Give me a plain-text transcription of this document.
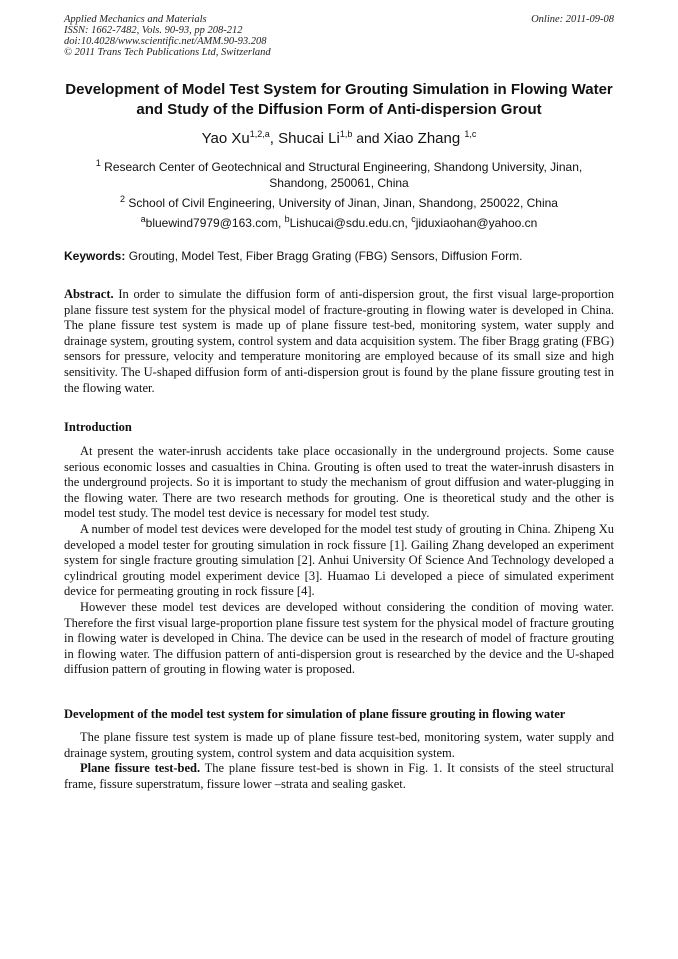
Applied Mechanics and Materials
ISSN: 1662-7482, Vols. 90-93, pp 208-212
doi:10.4028/www.scientific.net/AMM.90-93.208
© 2011 Trans Tech Publications Ltd, Switzerland
Online: 2011-09-08
Development of Model Test System for Grouting Simulation in Flowing Water and Study of the Diffusion Form of Anti-dispersion Grout
Yao Xu$^{1,2,a}$, Shucai Li$^{1,b}$ and Xiao Zhang $^{1,c}$
$^1$ Research Center of Geotechnical and Structural Engineering, Shandong University, Jinan, Shandong, 250061, China
$^2$ School of Civil Engineering, University of Jinan, Jinan, Shandong, 250022, China
$^a$bluewind7979@163.com, $^b$Lishucai@sdu.edu.cn, $^c$jiduxiaohan@yahoo.cn
Keywords: Grouting, Model Test, Fiber Bragg Grating (FBG) Sensors, Diffusion Form.

Abstract. In order to simulate the diffusion form of anti-dispersion grout, the first visual large-proportion plane fissure test system for the physical model of fracture-grouting in flowing water is developed in China. The plane fissure test system is made up of plane fissure test-bed, monitoring system, water supply and drainage system, grouting system, control system and data acquisition system. The fiber Bragg grating (FBG) sensors for pressure, velocity and temperature monitoring are employed because of its small size and high sensitivity. The U-shaped diffusion form of anti-dispersion grout is found by the plane fissure grouting test in the flowing water.

Introduction

At present the water-inrush accidents take place occasionally in the underground projects. Some cause serious economic losses and casualties in China. Grouting is often used to treat the water-inrush disasters in the underground projects. So it is important to study the mechanism of grout diffusion and water-plugging in the flowing water. There are two research methods for grouting. One is theoretical study and the other is model test study. The model test device is necessary for model test study.

A number of model test devices were developed for the model test study of grouting in China. Zhipeng Xu developed a model tester for grouting simulation in rock fissure [1]. Gailing Zhang developed an experiment system for single fracture grouting simulation [2]. Anhui University Of Science And Technology developed a cylindrical grouting model experiment device [3]. Huamao Li developed a piece of simulated experiment device for permeating grouting in rock fissure [4].

However these model test devices are developed without considering the condition of moving water. Therefore the first visual large-proportion plane fissure test system for the physical model of fracture grouting in flowing water is developed in China. The device can be used in the research of model of fracture grouting in flowing water. The diffusion pattern of anti-dispersion grout is researched by the device and the U-shaped diffusion pattern of grouting in flowing water is proposed.

Development of the model test system for simulation of plane fissure grouting in flowing water

The plane fissure test system is made up of plane fissure test-bed, monitoring system, water supply and drainage system, grouting system, control system and data acquisition system.

Plane fissure test-bed. The plane fissure test-bed is shown in Fig. 1. It consists of the steel structural frame, fissure superstratum, fissure lower –strata and sealing gasket.
